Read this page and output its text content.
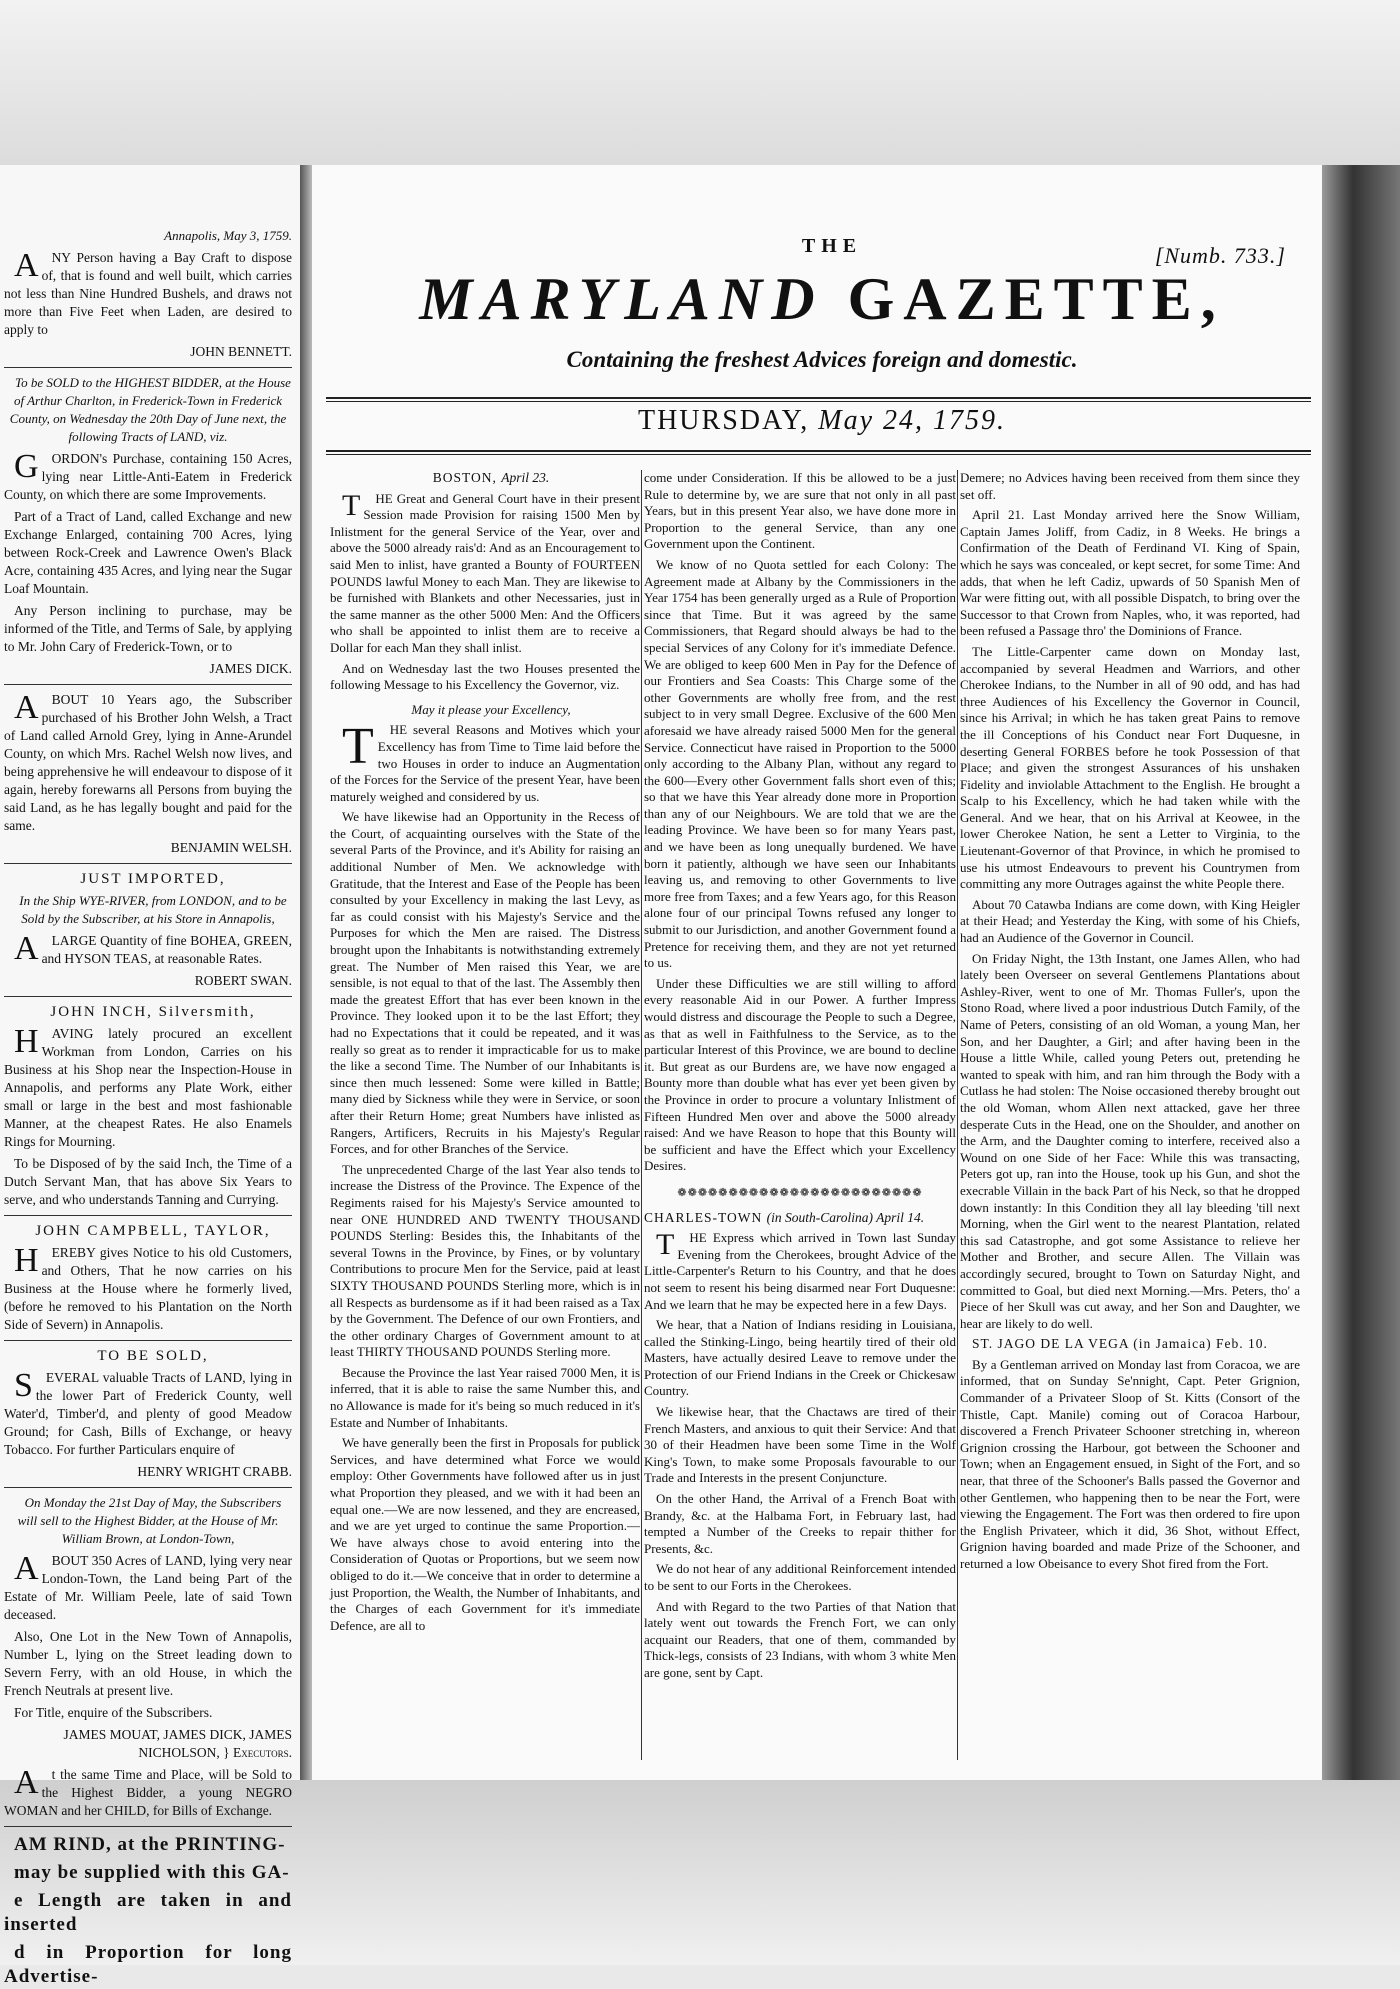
Annapolis, May 3, 1759.

ANY Person having a Bay Craft to dispose of, that is found and well built, which carries not less than Nine Hundred Bushels, and draws not more than Five Feet when Laden, are desired to apply to

JOHN BENNETT.

To be SOLD to the HIGHEST BIDDER, at the House of Arthur Charlton, in Frederick-Town in Frederick County, on Wednesday the 20th Day of June next, the following Tracts of LAND, viz.

GORDON's Purchase, containing 150 Acres, lying near Little-Anti-Eatem in Frederick County, on which there are some Improvements.

Part of a Tract of Land, called Exchange and new Exchange Enlarged, containing 700 Acres, lying between Rock-Creek and Lawrence Owen's Black Acre, containing 435 Acres, and lying near the Sugar Loaf Mountain.

Any Person inclining to purchase, may be informed of the Title, and Terms of Sale, by applying to Mr. John Cary of Frederick-Town, or to

JAMES DICK.

ABOUT 10 Years ago, the Subscriber purchased of his Brother John Welsh, a Tract of Land called Arnold Grey, lying in Anne-Arundel County, on which Mrs. Rachel Welsh now lives, and being apprehensive he will endeavour to dispose of it again, hereby forewarns all Persons from buying the said Land, as he has legally bought and paid for the same.

BENJAMIN WELSH.

JUST IMPORTED,

In the Ship WYE-RIVER, from LONDON, and to be Sold by the Subscriber, at his Store in Annapolis,

ALARGE Quantity of fine BOHEA, GREEN, and HYSON TEAS, at reasonable Rates.

ROBERT SWAN.

JOHN INCH, Silversmith,

HAVING lately procured an excellent Workman from London, Carries on his Business at his Shop near the Inspection-House in Annapolis, and performs any Plate Work, either small or large in the best and most fashionable Manner, at the cheapest Rates. He also Enamels Rings for Mourning.

To be Disposed of by the said Inch, the Time of a Dutch Servant Man, that has above Six Years to serve, and who understands Tanning and Currying.

JOHN CAMPBELL, TAYLOR,

HEREBY gives Notice to his old Customers, and Others, That he now carries on his Business at the House where he formerly lived, (before he removed to his Plantation on the North Side of Severn) in Annapolis.

TO BE SOLD,

SEVERAL valuable Tracts of LAND, lying in the lower Part of Frederick County, well Water'd, Timber'd, and plenty of good Meadow Ground; for Cash, Bills of Exchange, or heavy Tobacco. For further Particulars enquire of

HENRY WRIGHT CRABB.

On Monday the 21st Day of May, the Subscribers will sell to the Highest Bidder, at the House of Mr. William Brown, at London-Town,

ABOUT 350 Acres of LAND, lying very near London-Town, the Land being Part of the Estate of Mr. William Peele, late of said Town deceased.

Also, One Lot in the New Town of Annapolis, Number L, lying on the Street leading down to Severn Ferry, with an old House, in which the French Neutrals at present live.

For Title, enquire of the Subscribers.

JAMES MOUAT, JAMES DICK, JAMES NICHOLSON, } Executors.

At the same Time and Place, will be Sold to the Highest Bidder, a young NEGRO WOMAN and her CHILD, for Bills of Exchange.

AM RIND, at the PRINTING-

may be supplied with this GA-

e Length are taken in and inserted

d in Proportion for long Advertise-

THE	[Numb. 733.]
MARYLAND GAZETTE,
Containing the freshest Advices foreign and domestic.
THURSDAY, May 24, 1759.

BOSTON, April 23.

THE Great and General Court have in their present Session made Provision for raising 1500 Men by Inlistment for the general Service of the Year, over and above the 5000 already rais'd: And as an Encouragement to said Men to inlist, have granted a Bounty of FOURTEEN POUNDS lawful Money to each Man. They are likewise to be furnished with Blankets and other Necessaries, just in the same manner as the other 5000 Men: And the Officers who shall be appointed to inlist them are to receive a Dollar for each Man they shall inlist.

And on Wednesday last the two Houses presented the following Message to his Excellency the Governor, viz.

May it please your Excellency,

THE several Reasons and Motives which your Excellency has from Time to Time laid before the two Houses in order to induce an Augmentation of the Forces for the Service of the present Year, have been maturely weighed and considered by us.

We have likewise had an Opportunity in the Recess of the Court, of acquainting ourselves with the State of the several Parts of the Province, and it's Ability for raising an additional Number of Men. We acknowledge with Gratitude, that the Interest and Ease of the People has been consulted by your Excellency in making the last Levy, as far as could consist with his Majesty's Service and the Purposes for which the Men are raised. The Distress brought upon the Inhabitants is notwithstanding extremely great. The Number of Men raised this Year, we are sensible, is not equal to that of the last. The Assembly then made the greatest Effort that has ever been known in the Province. They looked upon it to be the last Effort; they had no Expectations that it could be repeated, and it was really so great as to render it impracticable for us to make the like a second Time. The Number of our Inhabitants is since then much lessened: Some were killed in Battle; many died by Sickness while they were in Service, or soon after their Return Home; great Numbers have inlisted as Rangers, Artificers, Recruits in his Majesty's Regular Forces, and for other Branches of the Service.

The unprecedented Charge of the last Year also tends to increase the Distress of the Province. The Expence of the Regiments raised for his Majesty's Service amounted to near ONE HUNDRED AND TWENTY THOUSAND POUNDS Sterling: Besides this, the Inhabitants of the several Towns in the Province, by Fines, or by voluntary Contributions to procure Men for the Service, paid at least SIXTY THOUSAND POUNDS Sterling more, which is in all Respects as burdensome as if it had been raised as a Tax by the Government. The Defence of our own Frontiers, and the other ordinary Charges of Government amount to at least THIRTY THOUSAND POUNDS Sterling more.

Because the Province the last Year raised 7000 Men, it is inferred, that it is able to raise the same Number this, and no Allowance is made for it's being so much reduced in it's Estate and Number of Inhabitants.

We have generally been the first in Proposals for publick Services, and have determined what Force we would employ: Other Governments have followed after us in just what Proportion they pleased, and we with it had been an equal one.—We are now lessened, and they are encreased, and we are yet urged to continue the same Proportion.—We have always chose to avoid entering into the Consideration of Quotas or Proportions, but we seem now obliged to do it.—We conceive that in order to determine a just Proportion, the Wealth, the Number of Inhabitants, and the Charges of each Government for it's immediate Defence, are all to

come under Consideration. If this be allowed to be a just Rule to determine by, we are sure that not only in all past Years, but in this present Year also, we have done more in Proportion to the general Service, than any one Government upon the Continent.

We know of no Quota settled for each Colony: The Agreement made at Albany by the Commissioners in the Year 1754 has been generally urged as a Rule of Proportion since that Time. But it was agreed by the same Commissioners, that Regard should always be had to the special Services of any Colony for it's immediate Defence. We are obliged to keep 600 Men in Pay for the Defence of our Frontiers and Sea Coasts: This Charge some of the other Governments are wholly free from, and the rest subject to in very small Degree. Exclusive of the 600 Men aforesaid we have already raised 5000 Men for the general Service. Connecticut have raised in Proportion to the 5000 only according to the Albany Plan, without any regard to the 600—Every other Government falls short even of this; so that we have this Year already done more in Proportion than any of our Neighbours. We are told that we are the leading Province. We have been so for many Years past, and we have been as long unequally burdened. We have born it patiently, although we have seen our Inhabitants leaving us, and removing to other Governments to live more free from Taxes; and a few Years ago, for this Reason alone four of our principal Towns refused any longer to submit to our Jurisdiction, and another Government found a Pretence for receiving them, and they are not yet returned to us.

Under these Difficulties we are still willing to afford every reasonable Aid in our Power. A further Impress would distress and discourage the People to such a Degree, as that as well in Faithfulness to the Service, as to the particular Interest of this Province, we are bound to decline it. But great as our Burdens are, we have now engaged a Bounty more than double what has ever yet been given by the Province in order to procure a voluntary Inlistment of Fifteen Hundred Men over and above the 5000 already raised: And we have Reason to hope that this Bounty will be sufficient and have the Effect which your Excellency Desires.

❁❁❁❁❁❁❁❁❁❁❁❁❁❁❁❁❁❁❁❁❁❁❁❁

CHARLES-TOWN (in South-Carolina) April 14.

THE Express which arrived in Town last Sunday Evening from the Cherokees, brought Advice of the Little-Carpenter's Return to his Country, and that he does not seem to resent his being disarmed near Fort Duquesne: And we learn that he may be expected here in a few Days.

We hear, that a Nation of Indians residing in Louisiana, called the Stinking-Lingo, being heartily tired of their old Masters, have actually desired Leave to remove under the Protection of our Friend Indians in the Creek or Chickesaw Country.

We likewise hear, that the Chactaws are tired of their French Masters, and anxious to quit their Service: And that 30 of their Headmen have been some Time in the Wolf King's Town, to make some Proposals favourable to our Trade and Interests in the present Conjuncture.

On the other Hand, the Arrival of a French Boat with Brandy, &c. at the Halbama Fort, in February last, had tempted a Number of the Creeks to repair thither for Presents, &c.

We do not hear of any additional Reinforcement intended to be sent to our Forts in the Cherokees.

And with Regard to the two Parties of that Nation that lately went out towards the French Fort, we can only acquaint our Readers, that one of them, commanded by Thick-legs, consists of 23 Indians, with whom 3 white Men are gone, sent by Capt.

Demere; no Advices having been received from them since they set off.

April 21. Last Monday arrived here the Snow William, Captain James Joliff, from Cadiz, in 8 Weeks. He brings a Confirmation of the Death of Ferdinand VI. King of Spain, which he says was concealed, or kept secret, for some Time: And adds, that when he left Cadiz, upwards of 50 Spanish Men of War were fitting out, with all possible Dispatch, to bring over the Successor to that Crown from Naples, who, it was reported, had been refused a Passage thro' the Dominions of France.

The Little-Carpenter came down on Monday last, accompanied by several Headmen and Warriors, and other Cherokee Indians, to the Number in all of 90 odd, and has had three Audiences of his Excellency the Governor in Council, since his Arrival; in which he has taken great Pains to remove the ill Conceptions of his Conduct near Fort Duquesne, in deserting General FORBES before he took Possession of that Place; and given the strongest Assurances of his unshaken Fidelity and inviolable Attachment to the English. He brought a Scalp to his Excellency, which he had taken while with the General. And we hear, that on his Arrival at Keowee, in the lower Cherokee Nation, he sent a Letter to Virginia, to the Lieutenant-Governor of that Province, in which he promised to use his utmost Endeavours to prevent his Countrymen from committing any more Outrages against the white People there.

About 70 Catawba Indians are come down, with King Heigler at their Head; and Yesterday the King, with some of his Chiefs, had an Audience of the Governor in Council.

On Friday Night, the 13th Instant, one James Allen, who had lately been Overseer on several Gentlemens Plantations about Ashley-River, went to one of Mr. Thomas Fuller's, upon the Stono Road, where lived a poor industrious Dutch Family, of the Name of Peters, consisting of an old Woman, a young Man, her Son, and her Daughter, a Girl; and after having been in the House a little While, called young Peters out, pretending he wanted to speak with him, and ran him through the Body with a Cutlass he had stolen: The Noise occasioned thereby brought out the old Woman, whom Allen next attacked, gave her three desperate Cuts in the Head, one on the Shoulder, and another on the Arm, and the Daughter coming to interfere, received also a Wound on one Side of her Face: While this was transacting, Peters got up, ran into the House, took up his Gun, and shot the execrable Villain in the back Part of his Neck, so that he dropped down instantly: In this Condition they all lay bleeding 'till next Morning, when the Girl went to the nearest Plantation, related this sad Catastrophe, and got some Assistance to relieve her Mother and Brother, and secure Allen. The Villain was accordingly secured, brought to Town on Saturday Night, and committed to Goal, but died next Morning.—Mrs. Peters, tho' a Piece of her Skull was cut away, and her Son and Daughter, we hear are likely to do well.

ST. JAGO DE LA VEGA (in Jamaica) Feb. 10.

By a Gentleman arrived on Monday last from Coracoa, we are informed, that on Sunday Se'nnight, Capt. Peter Grignion, Commander of a Privateer Sloop of St. Kitts (Consort of the Thistle, Capt. Manile) coming out of Coracoa Harbour, discovered a French Privateer Schooner stretching in, whereon Grignion crossing the Harbour, got between the Schooner and Town; when an Engagement ensued, in Sight of the Fort, and so near, that three of the Schooner's Balls passed the Governor and other Gentlemen, who happening then to be near the Fort, were viewing the Engagement. The Fort was then ordered to fire upon the English Privateer, which it did, 36 Shot, without Effect, Grignion having boarded and made Prize of the Schooner, and returned a low Obeisance to every Shot fired from the Fort.
